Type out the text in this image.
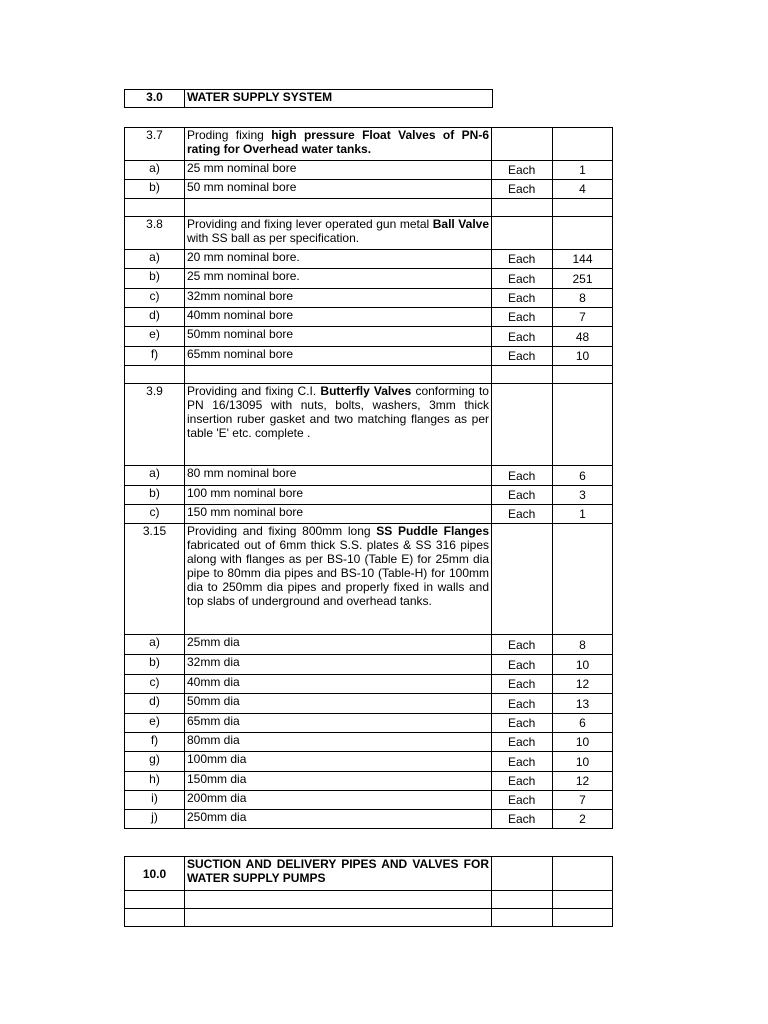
3.0	WATER SUPPLY SYSTEM
3.7	Proding fixing high pressure Float Valves of PN-6 rating for Overhead water tanks.		
a)	25 mm nominal bore	Each	1
b)	50 mm nominal bore	Each	4

3.8	Providing and fixing lever operated gun metal Ball Valve with SS ball as per specification.		
a)	20 mm nominal bore.	Each	144
b)	25 mm nominal bore.	Each	251
c)	32mm nominal bore	Each	8
d)	40mm nominal bore	Each	7
e)	50mm nominal bore	Each	48
f)	65mm nominal bore	Each	10

3.9	Providing and fixing C.I. Butterfly Valves conforming to PN 16/13095 with nuts, bolts, washers, 3mm thick insertion ruber gasket and two matching flanges as per table 'E' etc. complete .		
a)	80 mm nominal bore	Each	6
b)	100 mm nominal bore	Each	3
c)	150 mm nominal bore	Each	1
3.15	Providing and fixing 800mm long SS Puddle Flanges fabricated out of 6mm thick S.S. plates & SS 316 pipes along with flanges as per BS-10 (Table E) for 25mm dia pipe to 80mm dia pipes and BS-10 (Table-H) for 100mm dia to 250mm dia pipes and properly fixed in walls and top slabs of underground and overhead tanks.		
a)	25mm dia	Each	8
b)	32mm dia	Each	10
c)	40mm dia	Each	12
d)	50mm dia	Each	13
e)	65mm dia	Each	6
f)	80mm dia	Each	10
g)	100mm dia	Each	10
h)	150mm dia	Each	12
i)	200mm dia	Each	7
j)	250mm dia	Each	2
10.0	SUCTION AND DELIVERY PIPES AND VALVES FOR WATER SUPPLY PUMPS		
